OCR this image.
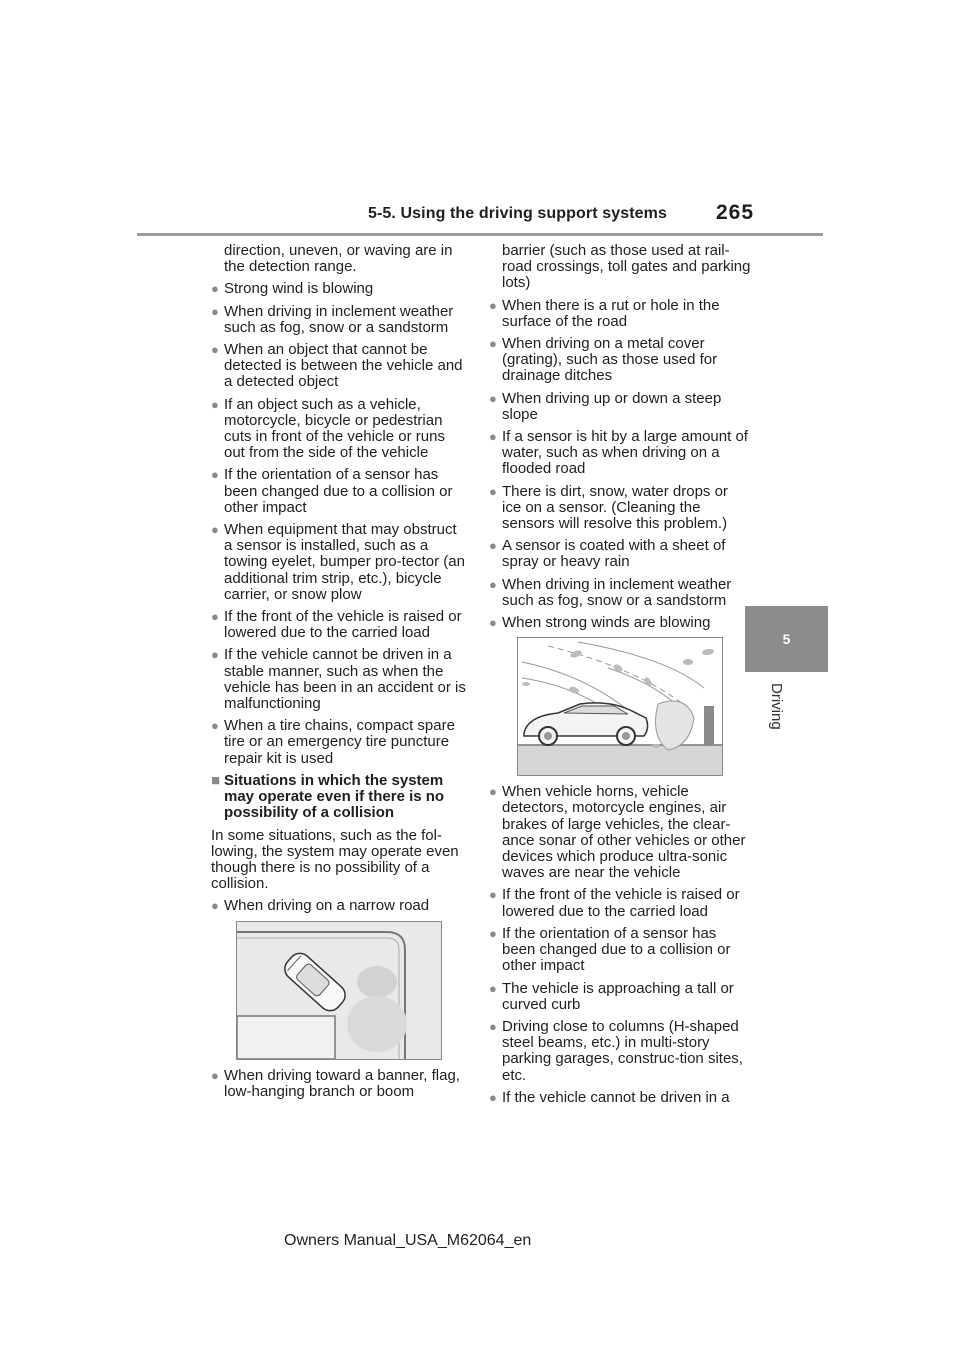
5-5. Using the driving support systems 265
5
Driving
direction, uneven, or waving are in the detection range.
● Strong wind is blowing
● When driving in inclement weather such as fog, snow or a sandstorm
● When an object that cannot be detected is between the vehicle and a detected object
● If an object such as a vehicle, motorcycle, bicycle or pedestrian cuts in front of the vehicle or runs out from the side of the vehicle
● If the orientation of a sensor has been changed due to a collision or other impact
● When equipment that may obstruct a sensor is installed, such as a towing eyelet, bumper pro-tector (an additional trim strip, etc.), bicycle carrier, or snow plow
● If the front of the vehicle is raised or lowered due to the carried load
● If the vehicle cannot be driven in a stable manner, such as when the vehicle has been in an accident or is malfunctioning
● When a tire chains, compact spare tire or an emergency tire puncture repair kit is used
■ Situations in which the system may operate even if there is no possibility of a collision
In some situations, such as the fol-lowing, the system may operate even though there is no possibility of a collision.
● When driving on a narrow road
● When driving toward a banner, flag, low-hanging branch or boom
barrier (such as those used at rail-road crossings, toll gates and parking lots)
● When there is a rut or hole in the surface of the road
● When driving on a metal cover (grating), such as those used for drainage ditches
● When driving up or down a steep slope
● If a sensor is hit by a large amount of water, such as when driving on a flooded road
● There is dirt, snow, water drops or ice on a sensor. (Cleaning the sensors will resolve this problem.)
● A sensor is coated with a sheet of spray or heavy rain
● When driving in inclement weather such as fog, snow or a sandstorm
● When strong winds are blowing
● When vehicle horns, vehicle detectors, motorcycle engines, air brakes of large vehicles, the clear-ance sonar of other vehicles or other devices which produce ultra-sonic waves are near the vehicle
● If the front of the vehicle is raised or lowered due to the carried load
● If the orientation of a sensor has been changed due to a collision or other impact
● The vehicle is approaching a tall or curved curb
● Driving close to columns (H-shaped steel beams, etc.) in multi-story parking garages, construc-tion sites, etc.
● If the vehicle cannot be driven in a
Owners Manual_USA_M62064_en
